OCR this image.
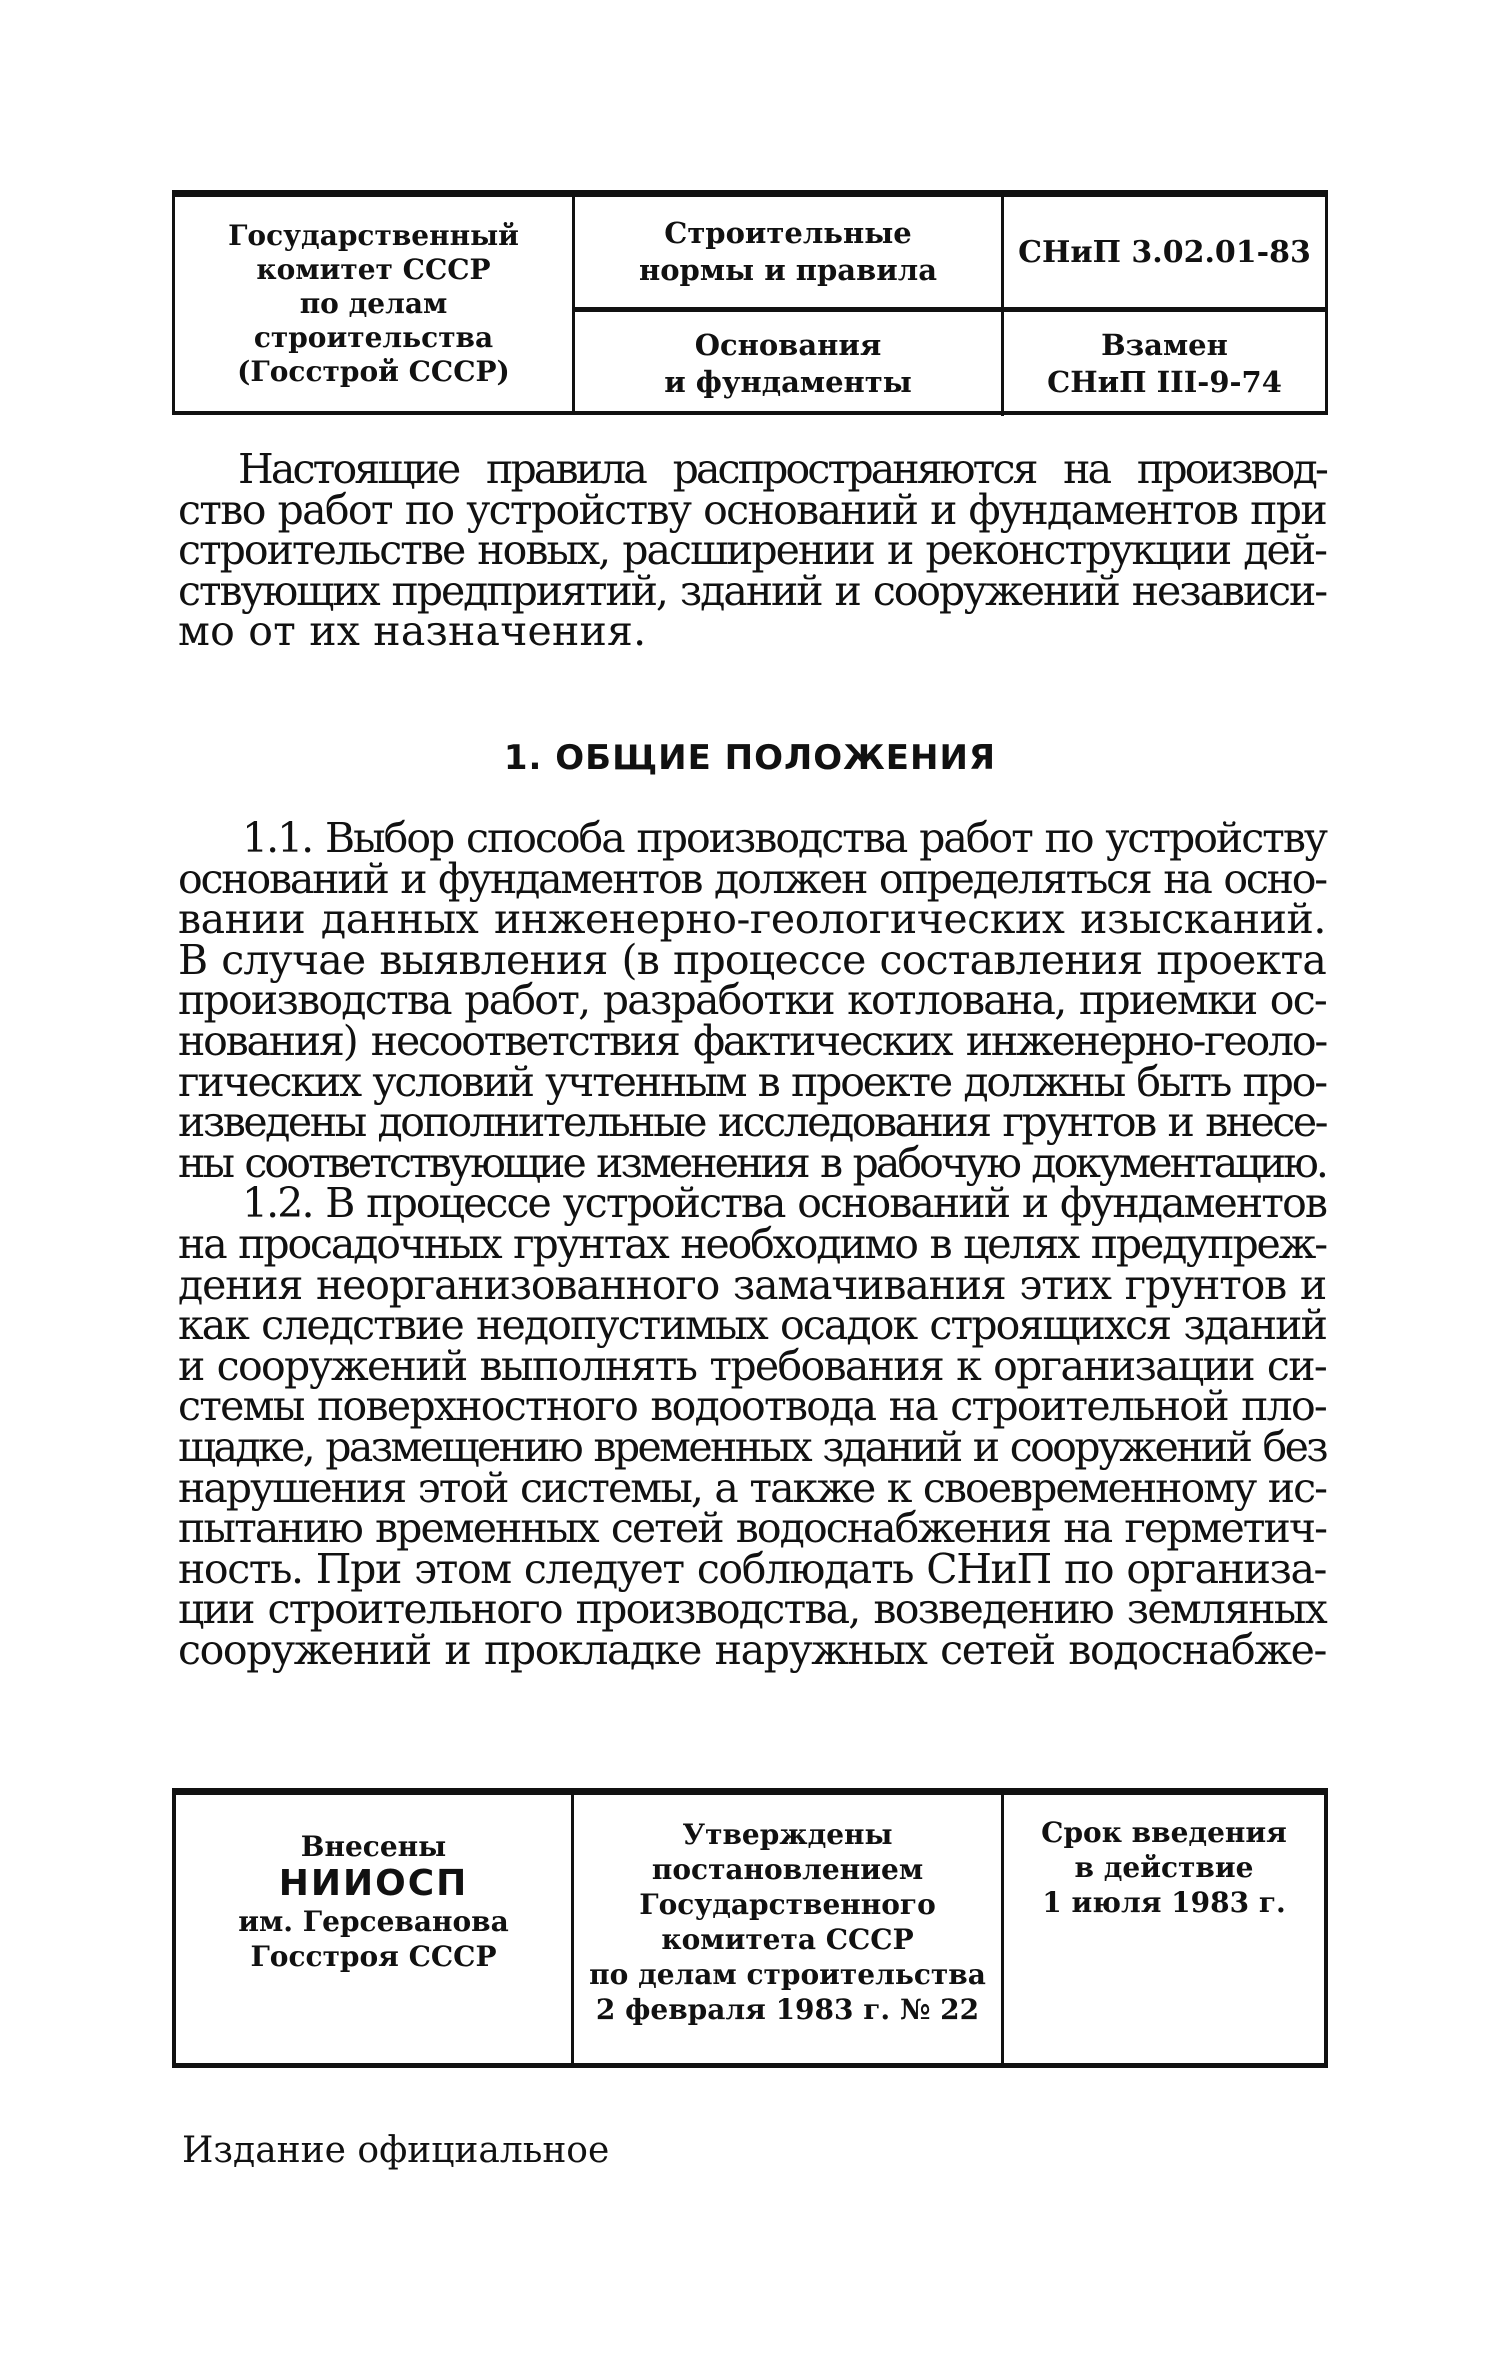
Государственный
комитет СССР
по делам
строительства
(Госстрой СССР)
Строительные
нормы и правила
Основания
и фундаменты
СНиП 3.02.01-83
Взамен
СНиП III-9-74
Настоящие правила распространяются на производ-
ство работ по устройству оснований и фундаментов при
строительстве новых, расширении и реконструкции дей-
ствующих предприятий, зданий и сооружений независи-
мо от их назначения.
1. ОБЩИЕ ПОЛОЖЕНИЯ
1.1. Выбор способа производства работ по устройству
оснований и фундаментов должен определяться на осно-
вании данных инженерно-геологических изысканий.
В случае выявления (в процессе составления проекта
производства работ, разработки котлована, приемки ос-
нования) несоответствия фактических инженерно-геоло-
гических условий учтенным в проекте должны быть про-
изведены дополнительные исследования грунтов и внесе-
ны соответствующие изменения в рабочую документацию.
1.2. В процессе устройства оснований и фундаментов
на просадочных грунтах необходимо в целях предупреж-
дения неорганизованного замачивания этих грунтов и
как следствие недопустимых осадок строящихся зданий
и сооружений выполнять требования к организации си-
стемы поверхностного водоотвода на строительной пло-
щадке, размещению временных зданий и сооружений без
нарушения этой системы, а также к своевременному ис-
пытанию временных сетей водоснабжения на герметич-
ность. При этом следует соблюдать СНиП по организа-
ции строительного производства, возведению земляных
сооружений и прокладке наружных сетей водоснабже-
Внесены
НИИОСП
им. Герсеванова
Госстроя СССР
Утверждены
постановлением
Государственного
комитета СССР
по делам строительства
2 февраля 1983 г. № 22
Срок введения
в действие
1 июля 1983 г.
Издание официальное
